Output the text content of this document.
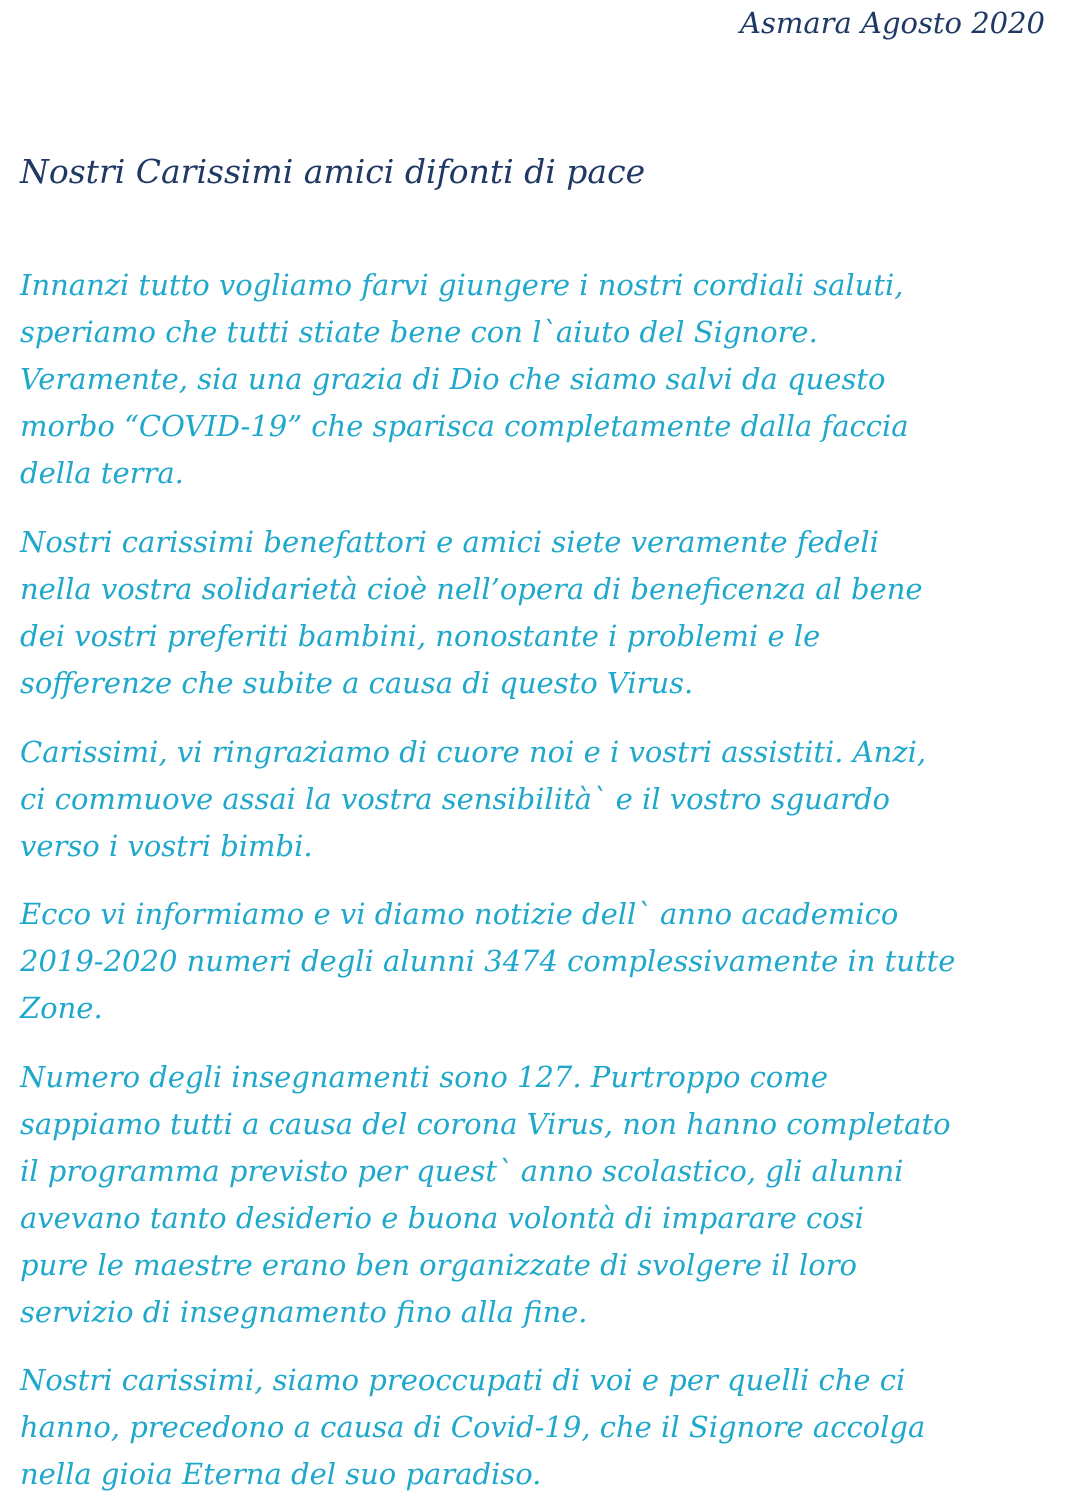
Asmara Agosto 2020
Nostri Carissimi amici difonti di pace

Innanzi tutto vogliamo farvi giungere i nostri cordiali saluti,
speriamo che tutti stiate bene con l`aiuto del Signore.
Veramente, sia una grazia di Dio che siamo salvi da questo
morbo “COVID-19” che sparisca completamente dalla faccia
della terra.

Nostri carissimi benefattori e amici siete veramente fedeli
nella vostra solidarietà cioè nell’opera di beneficenza al bene
dei vostri preferiti bambini, nonostante i problemi e le
sofferenze che subite a causa di questo Virus.

Carissimi, vi ringraziamo di cuore noi e i vostri assistiti. Anzi,
ci commuove assai la vostra sensibilità` e il vostro sguardo
verso i vostri bimbi.

Ecco vi informiamo e vi diamo notizie dell` anno academico
2019-2020 numeri degli alunni 3474 complessivamente in tutte
Zone.

Numero degli insegnamenti sono 127. Purtroppo come
sappiamo tutti a causa del corona Virus, non hanno completato
il programma previsto per quest` anno scolastico, gli alunni
avevano tanto desiderio e buona volontà di imparare cosi
pure le maestre erano ben organizzate di svolgere il loro
servizio di insegnamento fino alla fine.

Nostri carissimi, siamo preoccupati di voi e per quelli che ci
hanno, precedono a causa di Covid-19, che il Signore accolga
nella gioia Eterna del suo paradiso.
